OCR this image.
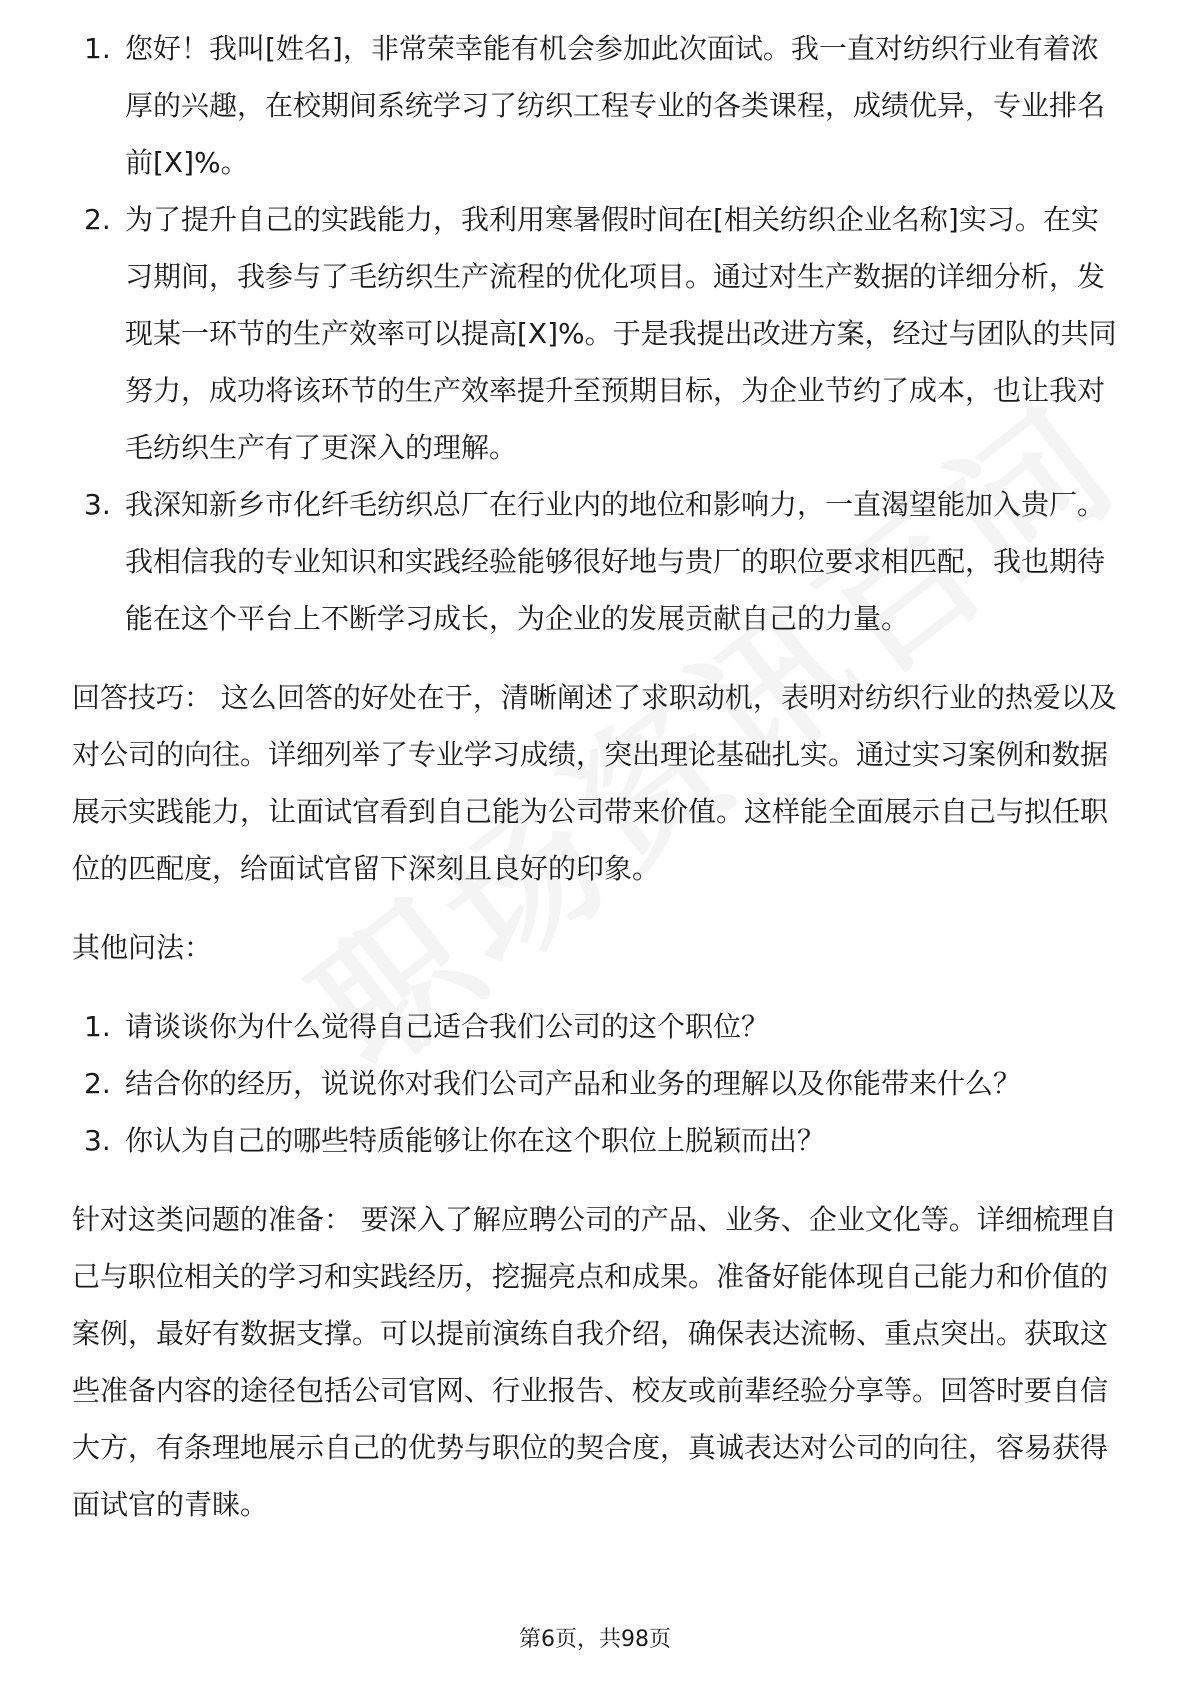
1. 您好！我叫[姓名]，非常荣幸能有机会参加此次面试。我一直对纺织行业有着浓厚的兴趣，在校期间系统学习了纺织工程专业的各类课程，成绩优异，专业排名前[X]%。
2. 为了提升自己的实践能力，我利用寒暑假时间在[相关纺织企业名称]实习。在实习期间，我参与了毛纺织生产流程的优化项目。通过对生产数据的详细分析，发现某一环节的生产效率可以提高[X]%。于是我提出改进方案，经过与团队的共同努力，成功将该环节的生产效率提升至预期目标，为企业节约了成本，也让我对毛纺织生产有了更深入的理解。
3. 我深知新乡市化纤毛纺织总厂在行业内的地位和影响力，一直渴望能加入贵厂。我相信我的专业知识和实践经验能够很好地与贵厂的职位要求相匹配，我也期待能在这个平台上不断学习成长，为企业的发展贡献自己的力量。

回答技巧： 这么回答的好处在于，清晰阐述了求职动机，表明对纺织行业的热爱以及对公司的向往。详细列举了专业学习成绩，突出理论基础扎实。通过实习案例和数据展示实践能力，让面试官看到自己能为公司带来价值。这样能全面展示自己与拟任职位的匹配度，给面试官留下深刻且良好的印象。

其他问法：

1. 请谈谈你为什么觉得自己适合我们公司的这个职位？
2. 结合你的经历，说说你对我们公司产品和业务的理解以及你能带来什么？
3. 你认为自己的哪些特质能够让你在这个职位上脱颖而出？

针对这类问题的准备： 要深入了解应聘公司的产品、业务、企业文化等。详细梳理自己与职位相关的学习和实践经历，挖掘亮点和成果。准备好能体现自己能力和价值的案例，最好有数据支撑。可以提前演练自我介绍，确保表达流畅、重点突出。获取这些准备内容的途径包括公司官网、行业报告、校友或前辈经验分享等。回答时要自信大方，有条理地展示自己的优势与职位的契合度，真诚表达对公司的向往，容易获得面试官的青睐。

第6页，共98页
